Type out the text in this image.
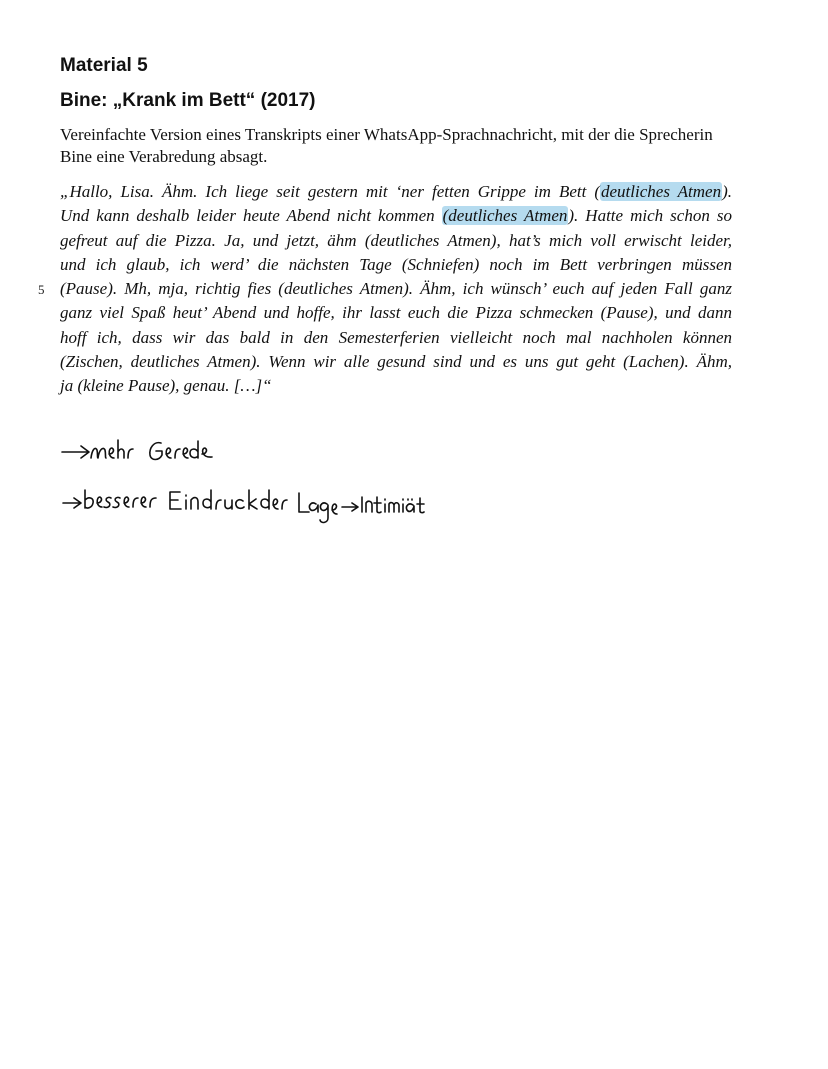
Material 5
Bine: „Krank im Bett“ (2017)

Vereinfachte Version eines Transkripts einer WhatsApp-Sprachnachricht, mit der die Sprecherin Bine eine Verabredung absagt.

„Hallo, Lisa. Ähm. Ich liege seit gestern mit ‘ner fetten Grippe im Bett (deutliches Atmen).
Und kann deshalb leider heute Abend nicht kommen (deutliches Atmen). Hatte mich schon so
gefreut auf die Pizza. Ja, und jetzt, ähm (deutliches Atmen), hat’s mich voll erwischt leider,
und ich glaub, ich werd’ die nächsten Tage (Schniefen) noch im Bett verbringen müssen
(Pause). Mh, mja, richtig fies (deutliches Atmen). Ähm, ich wünsch’ euch auf jeden Fall ganz
ganz viel Spaß heut’ Abend und hoffe, ihr lasst euch die Pizza schmecken (Pause), und dann
hoff ich, dass wir das bald in den Semesterferien vielleicht noch mal nachholen können
(Zischen, deutliches Atmen). Wenn wir alle gesund sind und es uns gut geht (Lachen). Ähm,
ja (kleine Pause), genau. […]“
5
